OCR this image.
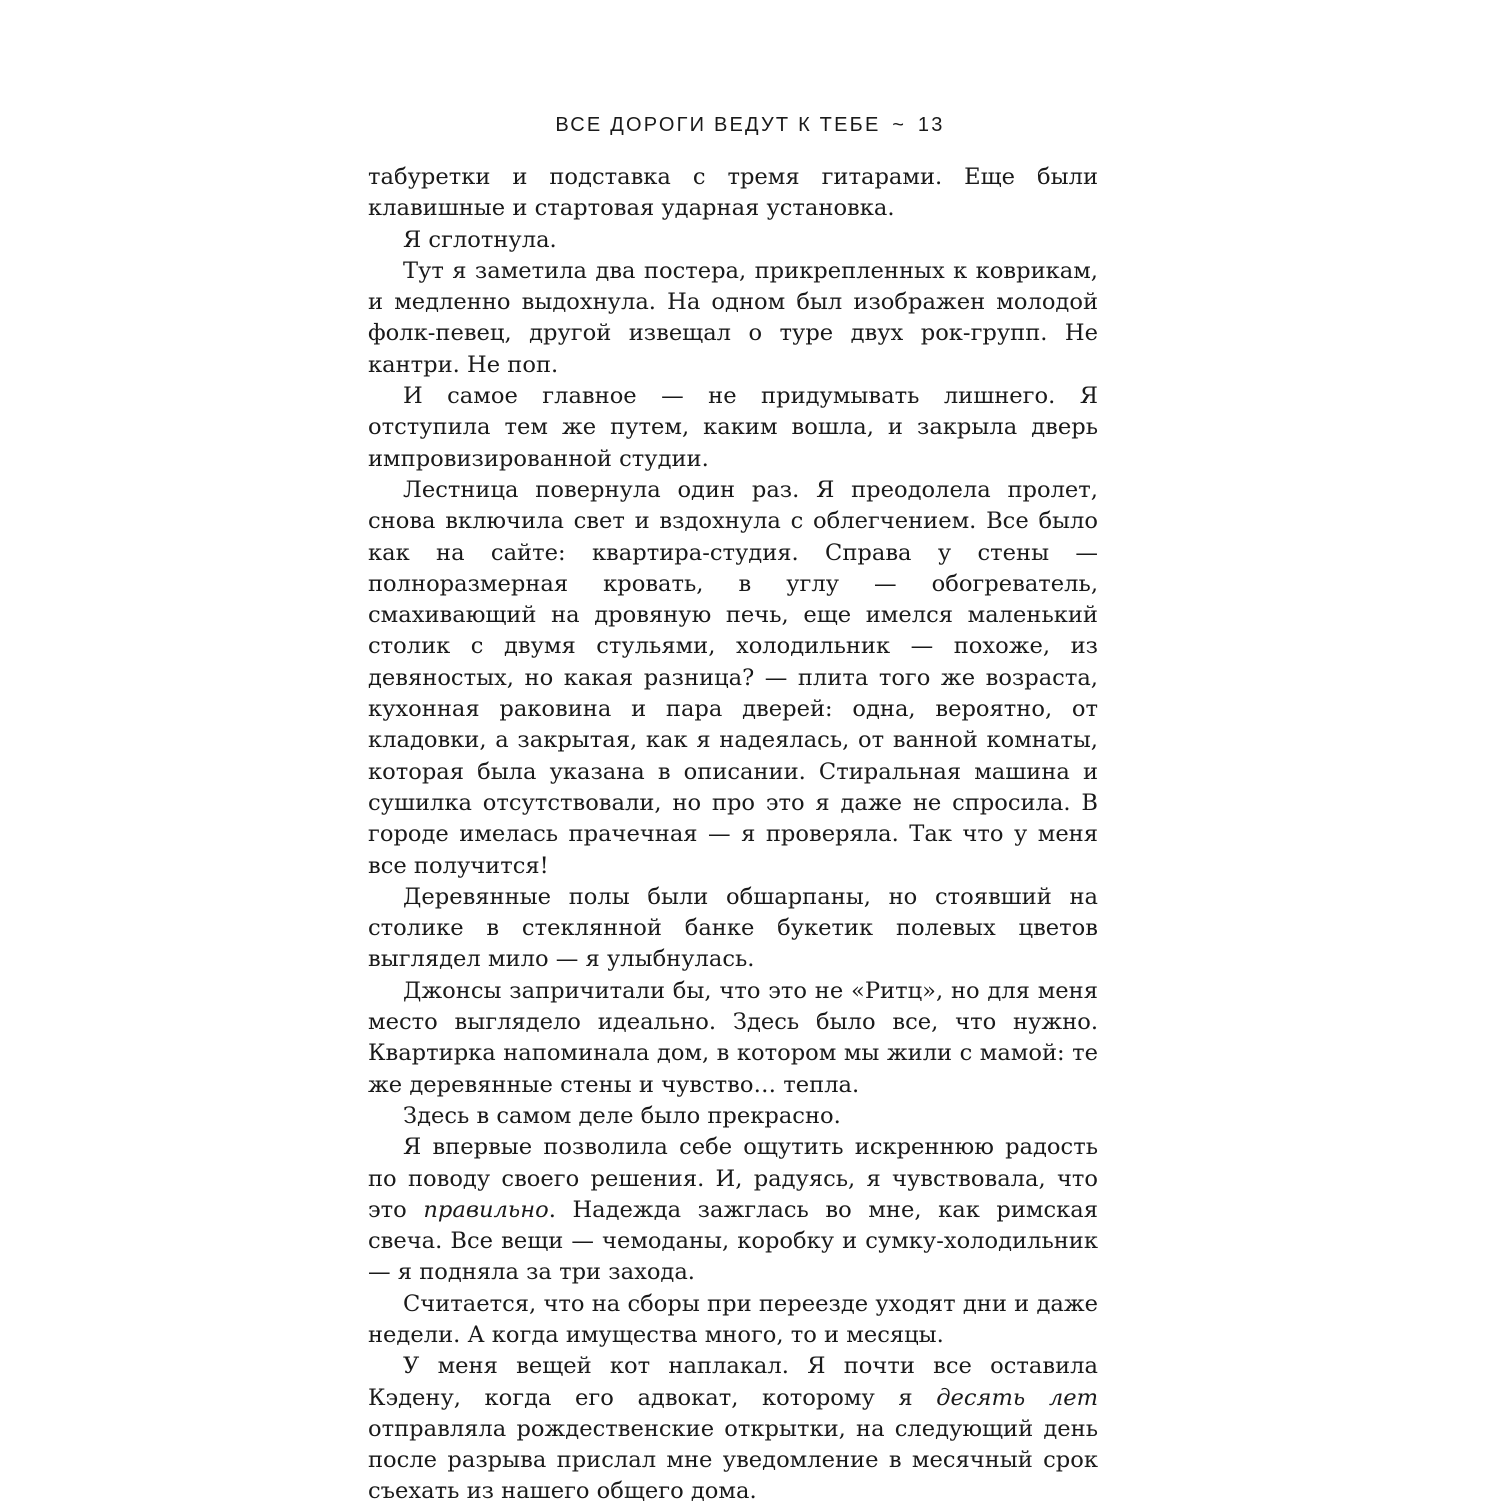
ВСЕ ДОРОГИ ВЕДУТ К ТЕБЕ ~ 13

табуретки и подставка с тремя гитарами. Еще были клавишные и стартовая ударная установка.

Я сглотнула.

Тут я заметила два постера, прикрепленных к коврикам, и медленно выдохнула. На одном был изображен молодой фолк-певец, другой извещал о туре двух рок-групп. Не кантри. Не поп.

И самое главное — не придумывать лишнего. Я отступила тем же путем, каким вошла, и закрыла дверь импровизированной студии.

Лестница повернула один раз. Я преодолела пролет, снова включила свет и вздохнула с облегчением. Все было как на сайте: квартира-студия. Справа у стены — полноразмерная кровать, в углу — обогреватель, смахивающий на дровяную печь, еще имелся маленький столик с двумя стульями, холодильник — похоже, из девяностых, но какая разница? — плита того же возраста, кухонная раковина и пара дверей: одна, вероятно, от кладовки, а закрытая, как я надеялась, от ванной комнаты, которая была указана в описании. Стиральная машина и сушилка отсутствовали, но про это я даже не спросила. В городе имелась прачечная — я проверяла. Так что у меня все получится!

Деревянные полы были обшарпаны, но стоявший на столике в стеклянной банке букетик полевых цветов выглядел мило — я улыбнулась.

Джонсы запричитали бы, что это не «Ритц», но для меня место выглядело идеально. Здесь было все, что нужно. Квартирка напоминала дом, в котором мы жили с мамой: те же деревянные стены и чувство… тепла.

Здесь в самом деле было прекрасно.

Я впервые позволила себе ощутить искреннюю радость по поводу своего решения. И, радуясь, я чувствовала, что это правильно. Надежда зажглась во мне, как римская свеча. Все вещи — чемоданы, коробку и сумку-холодильник — я подняла за три захода.

Считается, что на сборы при переезде уходят дни и даже недели. А когда имущества много, то и месяцы.

У меня вещей кот наплакал. Я почти все оставила Кэдену, когда его адвокат, которому я десять лет отправляла рождественские открытки, на следующий день после разрыва прислал мне уведомление в месячный срок съехать из нашего общего дома.
